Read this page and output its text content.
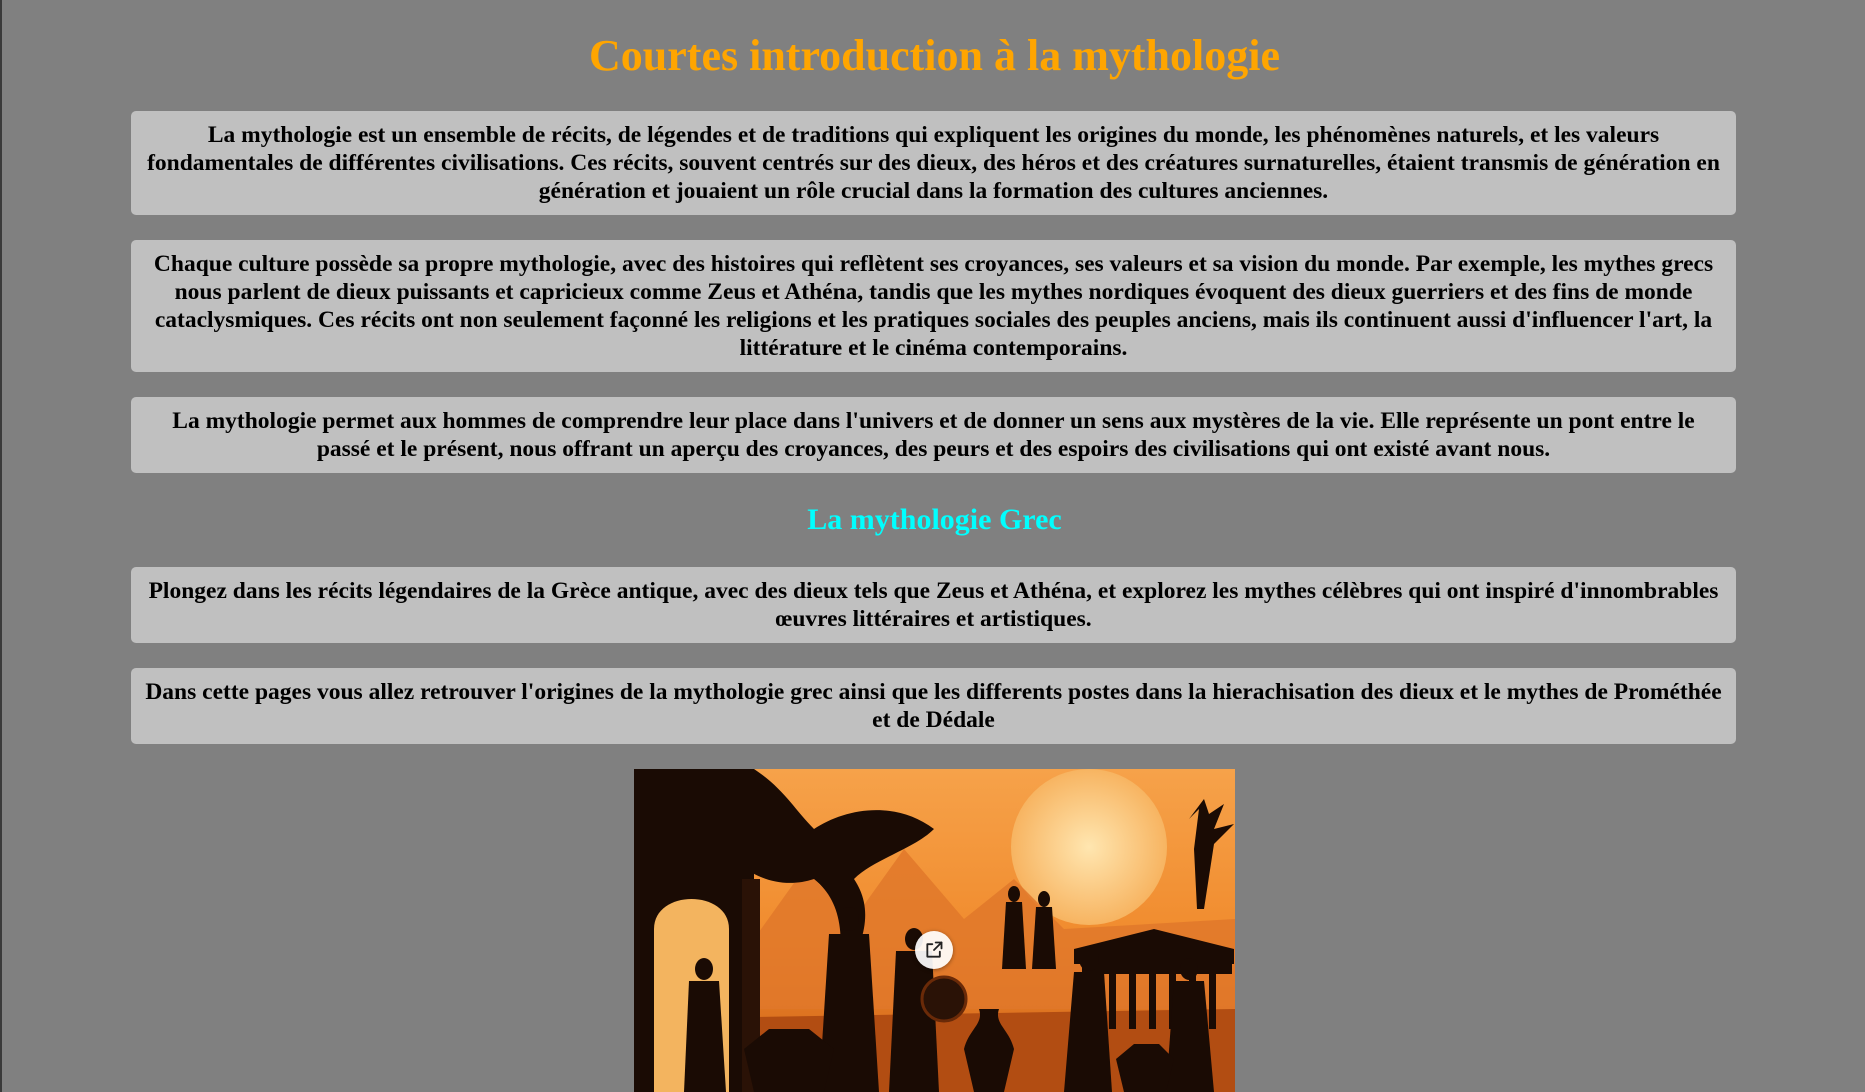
Courtes introduction à la mythologie
La mythologie est un ensemble de récits, de légendes et de traditions qui expliquent les origines du monde, les phénomènes naturels, et les valeurs fondamentales de différentes civilisations. Ces récits, souvent centrés sur des dieux, des héros et des créatures surnaturelles, étaient transmis de génération en génération et jouaient un rôle crucial dans la formation des cultures anciennes.
Chaque culture possède sa propre mythologie, avec des histoires qui reflètent ses croyances, ses valeurs et sa vision du monde. Par exemple, les mythes grecs nous parlent de dieux puissants et capricieux comme Zeus et Athéna, tandis que les mythes nordiques évoquent des dieux guerriers et des fins de monde cataclysmiques. Ces récits ont non seulement façonné les religions et les pratiques sociales des peuples anciens, mais ils continuent aussi d'influencer l'art, la littérature et le cinéma contemporains.
La mythologie permet aux hommes de comprendre leur place dans l'univers et de donner un sens aux mystères de la vie. Elle représente un pont entre le passé et le présent, nous offrant un aperçu des croyances, des peurs et des espoirs des civilisations qui ont existé avant nous.
La mythologie Grec
Plongez dans les récits légendaires de la Grèce antique, avec des dieux tels que Zeus et Athéna, et explorez les mythes célèbres qui ont inspiré d'innombrables œuvres littéraires et artistiques.
Dans cette pages vous allez retrouver l'origines de la mythologie grec ainsi que les differents postes dans la hierachisation des dieux et le mythes de Prométhée et de Dédale
